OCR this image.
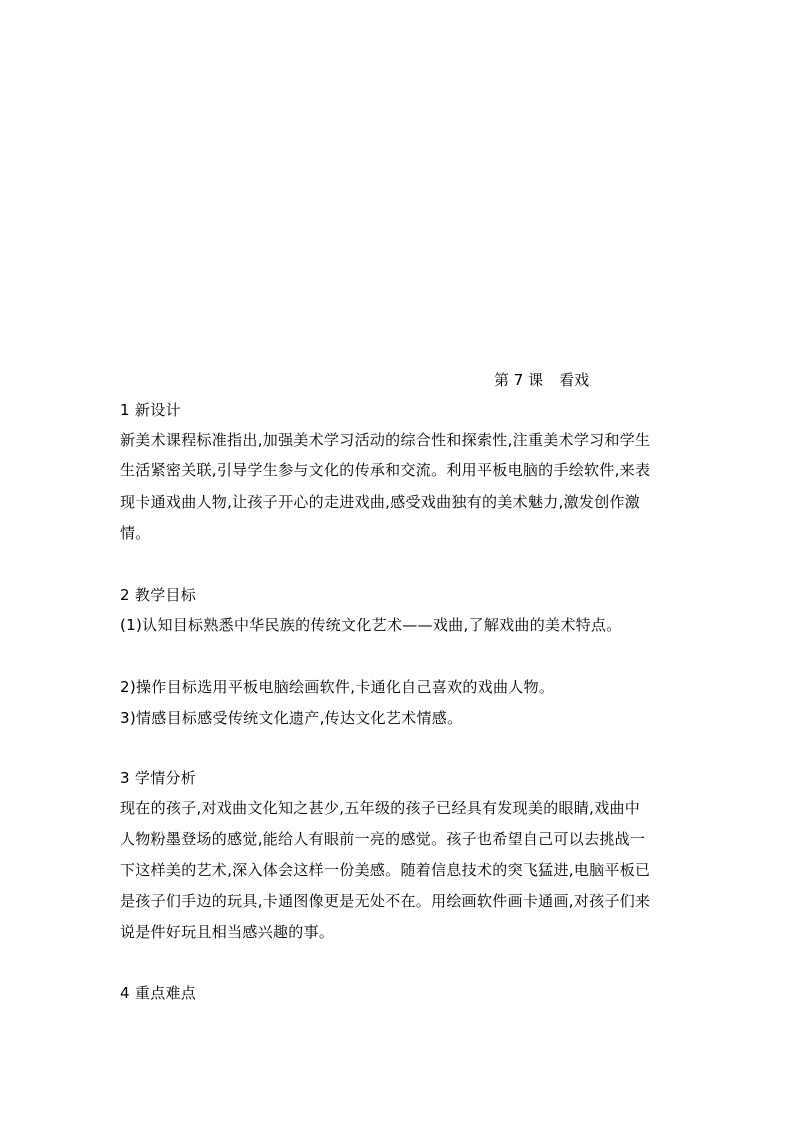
第 7 课 看戏
1 新设计
新美术课程标准指出,加强美术学习活动的综合性和探索性,注重美术学习和学生
生活紧密关联,引导学生参与文化的传承和交流。利用平板电脑的手绘软件,来表
现卡通戏曲人物,让孩子开心的走进戏曲,感受戏曲独有的美术魅力,激发创作激
情。
2 教学目标
(1)认知目标熟悉中华民族的传统文化艺术——戏曲,了解戏曲的美术特点。
2)操作目标选用平板电脑绘画软件,卡通化自己喜欢的戏曲人物。
3)情感目标感受传统文化遗产,传达文化艺术情感。
3 学情分析
现在的孩子,对戏曲文化知之甚少,五年级的孩子已经具有发现美的眼睛,戏曲中
人物粉墨登场的感觉,能给人有眼前一亮的感觉。孩子也希望自己可以去挑战一
下这样美的艺术,深入体会这样一份美感。随着信息技术的突飞猛进,电脑平板已
是孩子们手边的玩具,卡通图像更是无处不在。用绘画软件画卡通画,对孩子们来
说是件好玩且相当感兴趣的事。
4 重点难点
